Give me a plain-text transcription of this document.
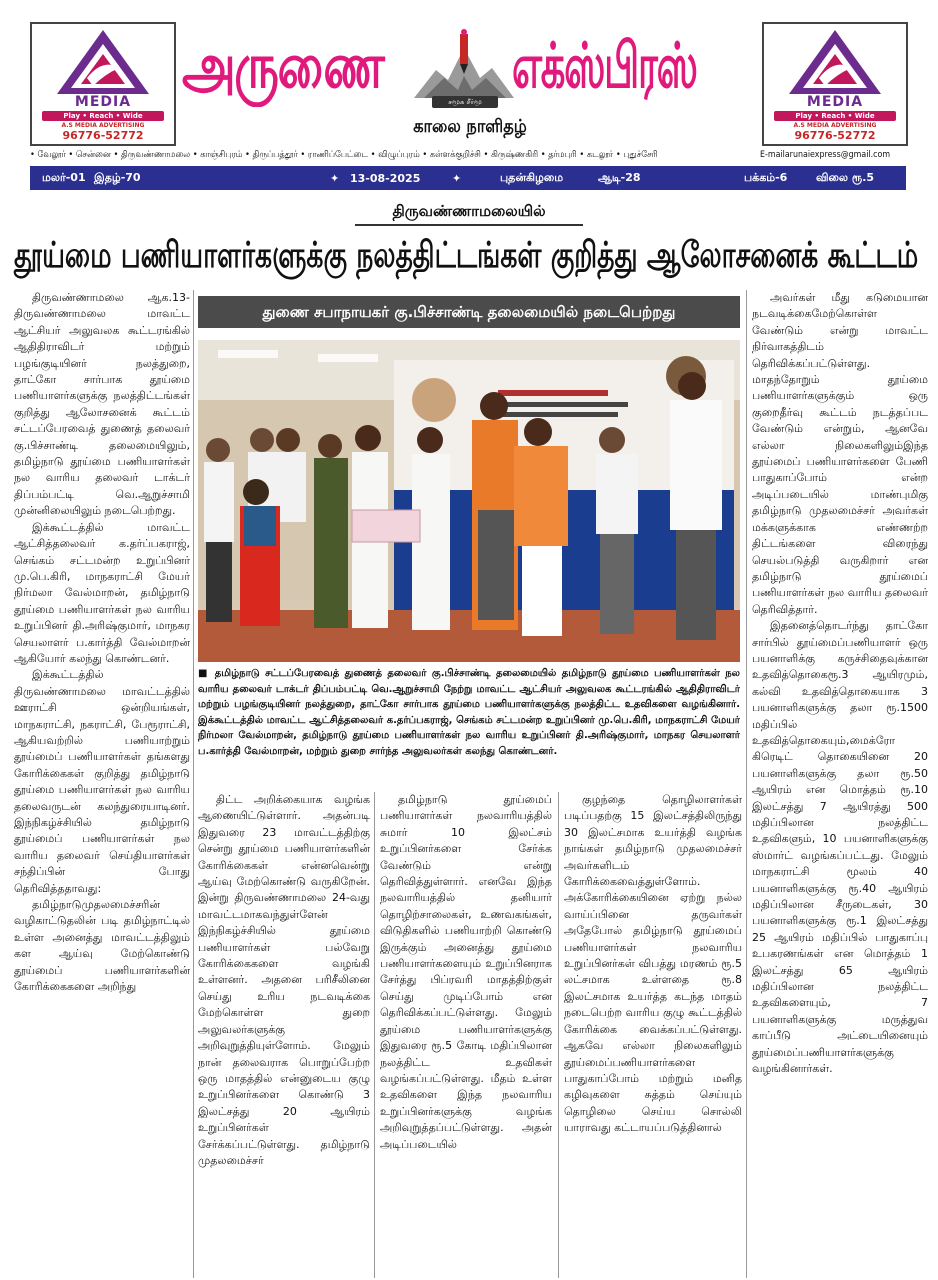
MEDIA
Play • Reach • Wide
A.S MEDIA ADVERTISING
96776-52772
அருணை	சமூக சீர்மூ எக்ஸ்பிரஸ்
காலை நாளிதழ்
MEDIA
Play • Reach • Wide
A.S MEDIA ADVERTISING
96776-52772
• வேலூர் • சென்னை • திருவண்ணாமலை • காஞ்சிபுரம் • திருப்பத்தூர் • ராணிப்பேட்டை • விழுப்புரம் • கள்ளக்குறிச்சி • கிருஷ்ணகிரி • தர்மபுரி • கடலூர் • புதுச்சேரி	E-mailarunaiexpress@gmail.com
மலர்-01 இதழ்-70	✦ 13-08-2025	✦	புதன்கிழமை	ஆடி-28	பக்கம்-6	விலை ரூ.5
திருவண்ணாமலையில்
தூய்மை பணியாளர்களுக்கு நலத்திட்டங்கள் குறித்து ஆலோசனைக் கூட்டம்
துணை சபாநாயகர் கு.பிச்சாண்டி தலைமையில் நடைபெற்றது

திருவண்ணாமலை ஆக.13- திருவண்ணாமலை மாவட்ட ஆட்சியர் அலுவலக கூட்டரங்கில் ஆதிதிராவிடர் மற்றும் பழங்குடியினர் நலத்துறை, தாட்கோ சார்பாக தூய்மை பணியாளர்களுக்கு நலத்திட்டங்கள் குறித்து ஆலோசனைக் கூட்டம் சட்டப்பேரவைத் துணைத் தலைவர் கு.பிச்சாண்டி தலைமையிலும், தமிழ்நாடு தூய்மை பணியாளர்கள் நல வாரிய தலைவர் டாக்டர் திப்பம்பட்டி வெ.ஆறுச்சாமி முன்னிலையிலும் நடைபெற்றது.

இக்கூட்டத்தில் மாவட்ட ஆட்சித்தலைவர் க.தர்ப்பகராஜ், செங்கம் சட்டமன்ற உறுப்பினர் மு.பெ.கிரி, மாநகராட்சி மேயர் நிர்மலா வேல்மாறன், தமிழ்நாடு தூய்மை பணியாளர்கள் நல வாரிய உறுப்பினர் தி.அரிஷ்குமார், மாநகர செயலாளர் ப.கார்த்தி வேல்மாறன் ஆகியோர் கலந்து கொண்டனர்.

இக்கூட்டத்தில் திருவண்ணாமலை மாவட்டத்தில் ஊராட்சி ஒன்றியங்கள், மாநகராட்சி, நகராட்சி, பேரூராட்சி, ஆகியவற்றில் பணியாற்றும் தூய்மைப் பணியாளர்கள் தங்களது கோரிக்கைகள் குறித்து தமிழ்நாடு தூய்மை பணியாளர்கள் நல வாரிய தலைவருடன் கலந்துரையாடினர். இந்நிகழ்ச்சியில் தமிழ்நாடு தூய்மைப் பணியாளர்கள் நல வாரிய தலைவர் செய்தியாளர்கள் சந்திப்பின் போது தெரிவித்ததாவது:

தமிழ்நாடுமுதலமைச்சரின் வழிகாட்டுதலின் படி தமிழ்நாட்டில் உள்ள அனைத்து மாவட்டத்திலும் கள ஆய்வு மேற்கொண்டு தூய்மைப் பணியாளர்களின் கோரிக்கைகளை அறிந்து

■ தமிழ்நாடு சட்டப்பேரவைத் துணைத் தலைவர் கு.பிச்சாண்டி தலைமையில் தமிழ்நாடு தூய்மை பணியாளர்கள் நல வாரிய தலைவர் டாக்டர் திப்பம்பட்டி வெ.ஆறுச்சாமி நேற்று மாவட்ட ஆட்சியர் அலுவலக கூட்டரங்கில் ஆதிதிராவிடர் மற்றும் பழங்குடியினர் நலத்துறை, தாட்கோ சார்பாக தூய்மை பணியாளர்களுக்கு நலத்திட்ட உதவிகளை வழங்கினார். இக்கூட்டத்தில் மாவட்ட ஆட்சித்தலைவர் க.தர்ப்பகராஜ், செங்கம் சட்டமன்ற உறுப்பினர் மு.பெ.கிரி, மாநகராட்சி மேயர் நிர்மலா வேல்மாறன், தமிழ்நாடு தூய்மை பணியாளர்கள் நல வாரிய உறுப்பினர் தி.அரிஷ்குமார், மாநகர செயலாளர் ப.கார்த்தி வேல்மாறன், மற்றும் துறை சார்ந்த அலுவலர்கள் கலந்து கொண்டனர்.

திட்ட அறிக்கையாக வழங்க ஆணையிட்டுள்ளார். அதன்படி இதுவரை 23 மாவட்டத்திற்கு சென்று தூய்மை பணியாளர்களின் கோரிக்கைகள் என்னவென்று ஆய்வு மேற்கொண்டு வருகிறேன். இன்று திருவண்ணாமலை 24-வது மாவட்டமாகவந்துள்ளேன் இந்நிகழ்ச்சியில் தூய்மை பணியாளர்கள் பல்வேறு கோரிக்கைகளை வழங்கி உள்ளனர். அதனை பரிசீலினை செய்து உரிய நடவடிக்கை மேற்கொள்ள துறை அலுவலர்களுக்கு அறிவுறுத்தியுள்ளோம். மேலும் நான் தலைவராக பொறுப்பேற்ற ஒரு மாதத்தில் என்னுடைய குழு உறுப்பினர்களை கொண்டு 3 இலட்சத்து 20 ஆயிரம் உறுப்பினர்கள் சேர்க்கப்பட்டுள்ளது. தமிழ்நாடு முதலமைச்சர்

தமிழ்நாடு தூய்மைப் பணியாளர்கள் நலவாரியத்தில் சுமார் 10 இலட்சம் உறுப்பினர்களை சேர்க்க வேண்டும் என்று தெரிவித்துள்ளார். எனவே இந்த நலவாரியத்தில் தனியார் தொழிற்சாலைகள், உணவகங்கள், விடுதிகளில் பணியாற்றி கொண்டு இருக்கும் அனைத்து தூய்மை பணியாளர்களையும் உறுப்பினராக சேர்த்து பிப்ரவரி மாதத்திற்குள் செய்து முடிப்போம் என தெரிவிக்கப்பட்டுள்ளது. மேலும் தூய்மை பணியாளர்களுக்கு இதுவரை ரூ.5 கோடி மதிப்பிலான நலத்திட்ட உதவிகள் வழங்கப்பட்டுள்ளது. மீதம் உள்ள உதவிகளை இந்த நலவாரிய உறுப்பினர்களுக்கு வழங்க அறிவுறுத்தப்பட்டுள்ளது. அதன் அடிப்படையில்

குழந்தை தொழிலாளர்கள் படிப்பதற்கு 15 இலட்சத்திலிருந்து 30 இலட்சமாக உயர்த்தி வழங்க நாங்கள் தமிழ்நாடு முதலமைச்சர் அவர்களிடம் கோரிக்கைவைத்துள்ளோம். அக்கோரிக்கையினை ஏற்று நல்ல வாய்ப்பினை தருவர்கள் அதேபோல் தமிழ்நாடு தூய்மைப் பணியாளர்கள் நலவாரிய உறுப்பினர்கள் விபத்து மரணம் ரூ.5 லட்சமாக உள்ளதை ரூ.8 இலட்சமாக உயர்த்த கடந்த மாதம் நடைபெற்ற வாரிய குழு கூட்டத்தில் கோரிக்கை வைக்கப்பட்டுள்ளது. ஆகவே எல்லா நிலைகளிலும் தூய்மைப்பணியாளர்களை பாதுகாப்போம் மற்றும் மனித கழிவுகளை சுத்தம் செய்யும் தொழிலை செய்ய சொல்லி யாராவது கட்டாயப்படுத்தினால்

அவர்கள் மீது கடுமையான நடவடிக்கைமேற்கொள்ள வேண்டும் என்று மாவட்ட நிர்வாகத்திடம் தெரிவிக்கப்பட்டுள்ளது. மாதந்தோறும் தூய்மை பணியாளர்களுக்கும் ஒரு குறைதீர்வு கூட்டம் நடத்தப்பட வேண்டும் என்றும், ஆனவே எல்லா நிலைகளிலும்இந்த தூய்மைப் பணியாளர்களை பேணி பாதுகாப்போம் என்ற அடிப்படையில் மாண்புமிகு தமிழ்நாடு முதலமைச்சர் அவர்கள் மக்களுக்காக எண்ணற்ற திட்டங்களை விரைந்து செயல்படுத்தி வருகிறார் என தமிழ்நாடு தூய்மைப் பணியாளர்கள் நல வாரிய தலைவர் தெரிவித்தார்.

இதனைத்தொடர்ந்து தாட்கோ சார்பில் தூய்மைப்பணியாளர் ஒரு பயனாளிக்கு கருச்சிதைவுக்கான உதவித்தொகைரூ.3 ஆயிரமும், கல்வி உதவித்தொகையாக 3 பயனாளிகளுக்கு தலா ரூ.1500 மதிப்பில் உதவித்தொகையும்,மைக்ரோ கிரெடிட் தொகையினை 20 பயனாளிகளுக்கு தலா ரூ.50 ஆயிரம் என மொத்தம் ரூ.10 இலட்சத்து 7 ஆயிரத்து 500 மதிப்பிலான நலத்திட்ட உதவிகளும், 10 பயனாளிகளுக்கு ஸ்மார்ட் வழங்கப்பட்டது. மேலும் மாநகராட்சி மூலம் 40 பயனாளிகளுக்கு ரூ.40 ஆயிரம் மதிப்பிலான சீருடைகள், 30 பயனாளிகளுக்கு ரூ.1 இலட்சத்து 25 ஆயிரம் மதிப்பில் பாதுகாப்பு உபகரணங்கள் என மொத்தம் 1 இலட்சத்து 65 ஆயிரம் மதிப்பிலான நலத்திட்ட உதவிகளையும், 7 பயனாளிகளுக்கு மருத்துவ காப்பீடு அட்டையினையும் தூய்மைப்பணியாளர்களுக்கு வழங்கினார்கள்.
